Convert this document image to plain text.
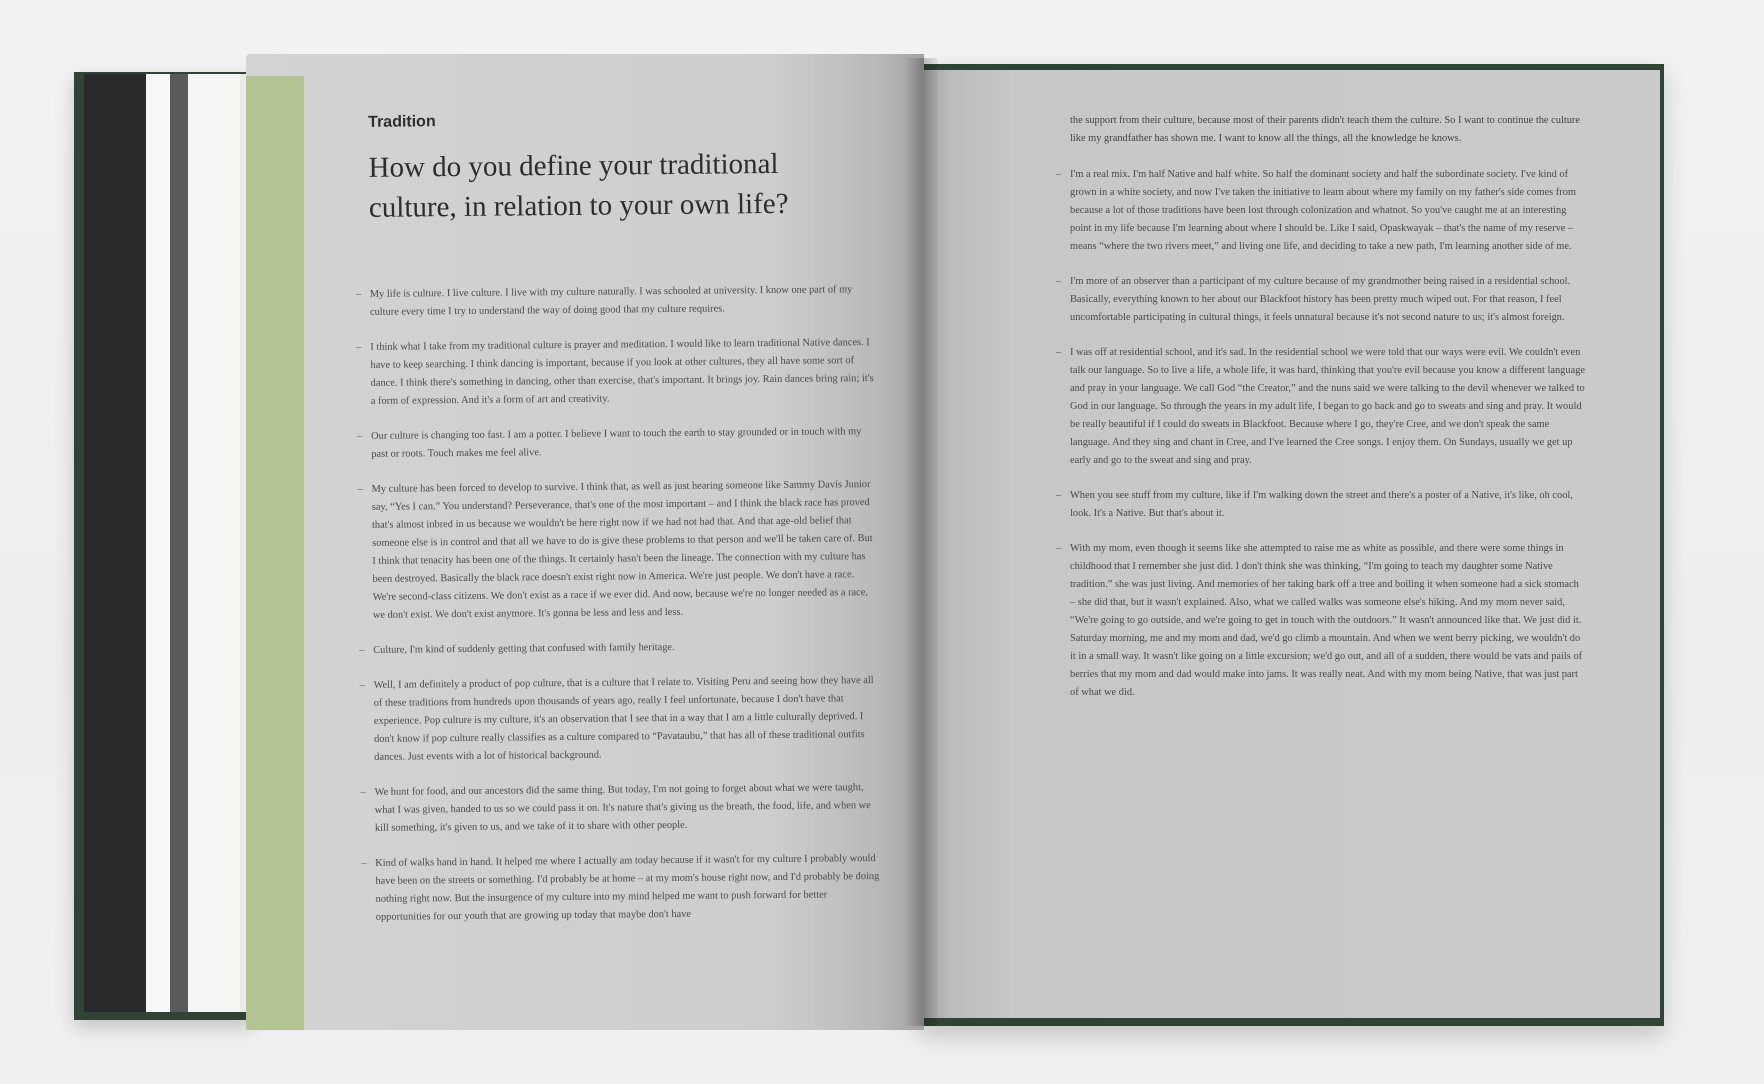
Tradition
How do you define your traditional culture, in relation to your own life?
– My life is culture. I live culture. I live with my culture naturally. I was schooled at university. I know one part of my culture every time I try to understand the way of doing good that my culture requires.
– I think what I take from my traditional culture is prayer and meditation. I would like to learn traditional Native dances. I have to keep searching. I think dancing is important, because if you look at other cultures, they all have some sort of dance. I think there's something in dancing, other than exercise, that's important. It brings joy. Rain dances bring rain; it's a form of expression. And it's a form of art and creativity.
– Our culture is changing too fast. I am a potter. I believe I want to touch the earth to stay grounded or in touch with my past or roots. Touch makes me feel alive.
– My culture has been forced to develop to survive. I think that, as well as just hearing someone like Sammy Davis Junior say, “Yes I can.” You understand? Perseverance, that's one of the most important – and I think the black race has proved that's almost inbred in us because we wouldn't be here right now if we had not had that. And that age-old belief that someone else is in control and that all we have to do is give these problems to that person and we'll be taken care of. But I think that tenacity has been one of the things. It certainly hasn't been the lineage. The connection with my culture has been destroyed. Basically the black race doesn't exist right now in America. We're just people. We don't have a race. We're second-class citizens. We don't exist as a race if we ever did. And now, because we're no longer needed as a race, we don't exist. We don't exist anymore. It's gonna be less and less and less.
– Culture, I'm kind of suddenly getting that confused with family heritage.
– Well, I am definitely a product of pop culture, that is a culture that I relate to. Visiting Peru and seeing how they have all of these traditions from hundreds upon thousands of years ago, really I feel unfortunate, because I don't have that experience. Pop culture is my culture, it's an observation that I see that in a way that I am a little culturally deprived. I don't know if pop culture really classifies as a culture compared to “Pavataubu,” that has all of these traditional outfits dances. Just events with a lot of historical background.
– We hunt for food, and our ancestors did the same thing. But today, I'm not going to forget about what we were taught, what I was given, handed to us so we could pass it on. It's nature that's giving us the breath, the food, life, and when we kill something, it's given to us, and we take of it to share with other people.
– Kind of walks hand in hand. It helped me where I actually am today because if it wasn't for my culture I probably would have been on the streets or something. I'd probably be at home – at my mom's house right now, and I'd probably be doing nothing right now. But the insurgence of my culture into my mind helped me want to push forward for better opportunities for our youth that are growing up today that maybe don't have

the support from their culture, because most of their parents didn't teach them the culture. So I want to continue the culture like my grandfather has shown me. I want to know all the things, all the knowledge he knows.

– I'm a real mix. I'm half Native and half white. So half the dominant society and half the subordinate society. I've kind of grown in a white society, and now I've taken the initiative to learn about where my family on my father's side comes from because a lot of those traditions have been lost through colonization and whatnot. So you've caught me at an interesting point in my life because I'm learning about where I should be. Like I said, Opaskwayak – that's the name of my reserve – means “where the two rivers meet,” and living one life, and deciding to take a new path, I'm learning another side of me.
– I'm more of an observer than a participant of my culture because of my grandmother being raised in a residential school. Basically, everything known to her about our Blackfoot history has been pretty much wiped out. For that reason, I feel uncomfortable participating in cultural things, it feels unnatural because it's not second nature to us; it's almost foreign.
– I was off at residential school, and it's sad. In the residential school we were told that our ways were evil. We couldn't even talk our language. So to live a life, a whole life, it was hard, thinking that you're evil because you know a different language and pray in your language. We call God “the Creator,” and the nuns said we were talking to the devil whenever we talked to God in our language. So through the years in my adult life, I began to go back and go to sweats and sing and pray. It would be really beautiful if I could do sweats in Blackfoot. Because where I go, they're Cree, and we don't speak the same language. And they sing and chant in Cree, and I've learned the Cree songs. I enjoy them. On Sundays, usually we get up early and go to the sweat and sing and pray.
– When you see stuff from my culture, like if I'm walking down the street and there's a poster of a Native, it's like, oh cool, look. It's a Native. But that's about it.
– With my mom, even though it seems like she attempted to raise me as white as possible, and there were some things in childhood that I remember she just did. I don't think she was thinking, “I'm going to teach my daughter some Native tradition.” she was just living. And memories of her taking bark off a tree and boiling it when someone had a sick stomach – she did that, but it wasn't explained. Also, what we called walks was someone else's hiking. And my mom never said, “We're going to go outside, and we're going to get in touch with the outdoors.” It wasn't announced like that. We just did it. Saturday morning, me and my mom and dad, we'd go climb a mountain. And when we went berry picking, we wouldn't do it in a small way. It wasn't like going on a little excursion; we'd go out, and all of a sudden, there would be vats and pails of berries that my mom and dad would make into jams. It was really neat. And with my mom being Native, that was just part of what we did.
